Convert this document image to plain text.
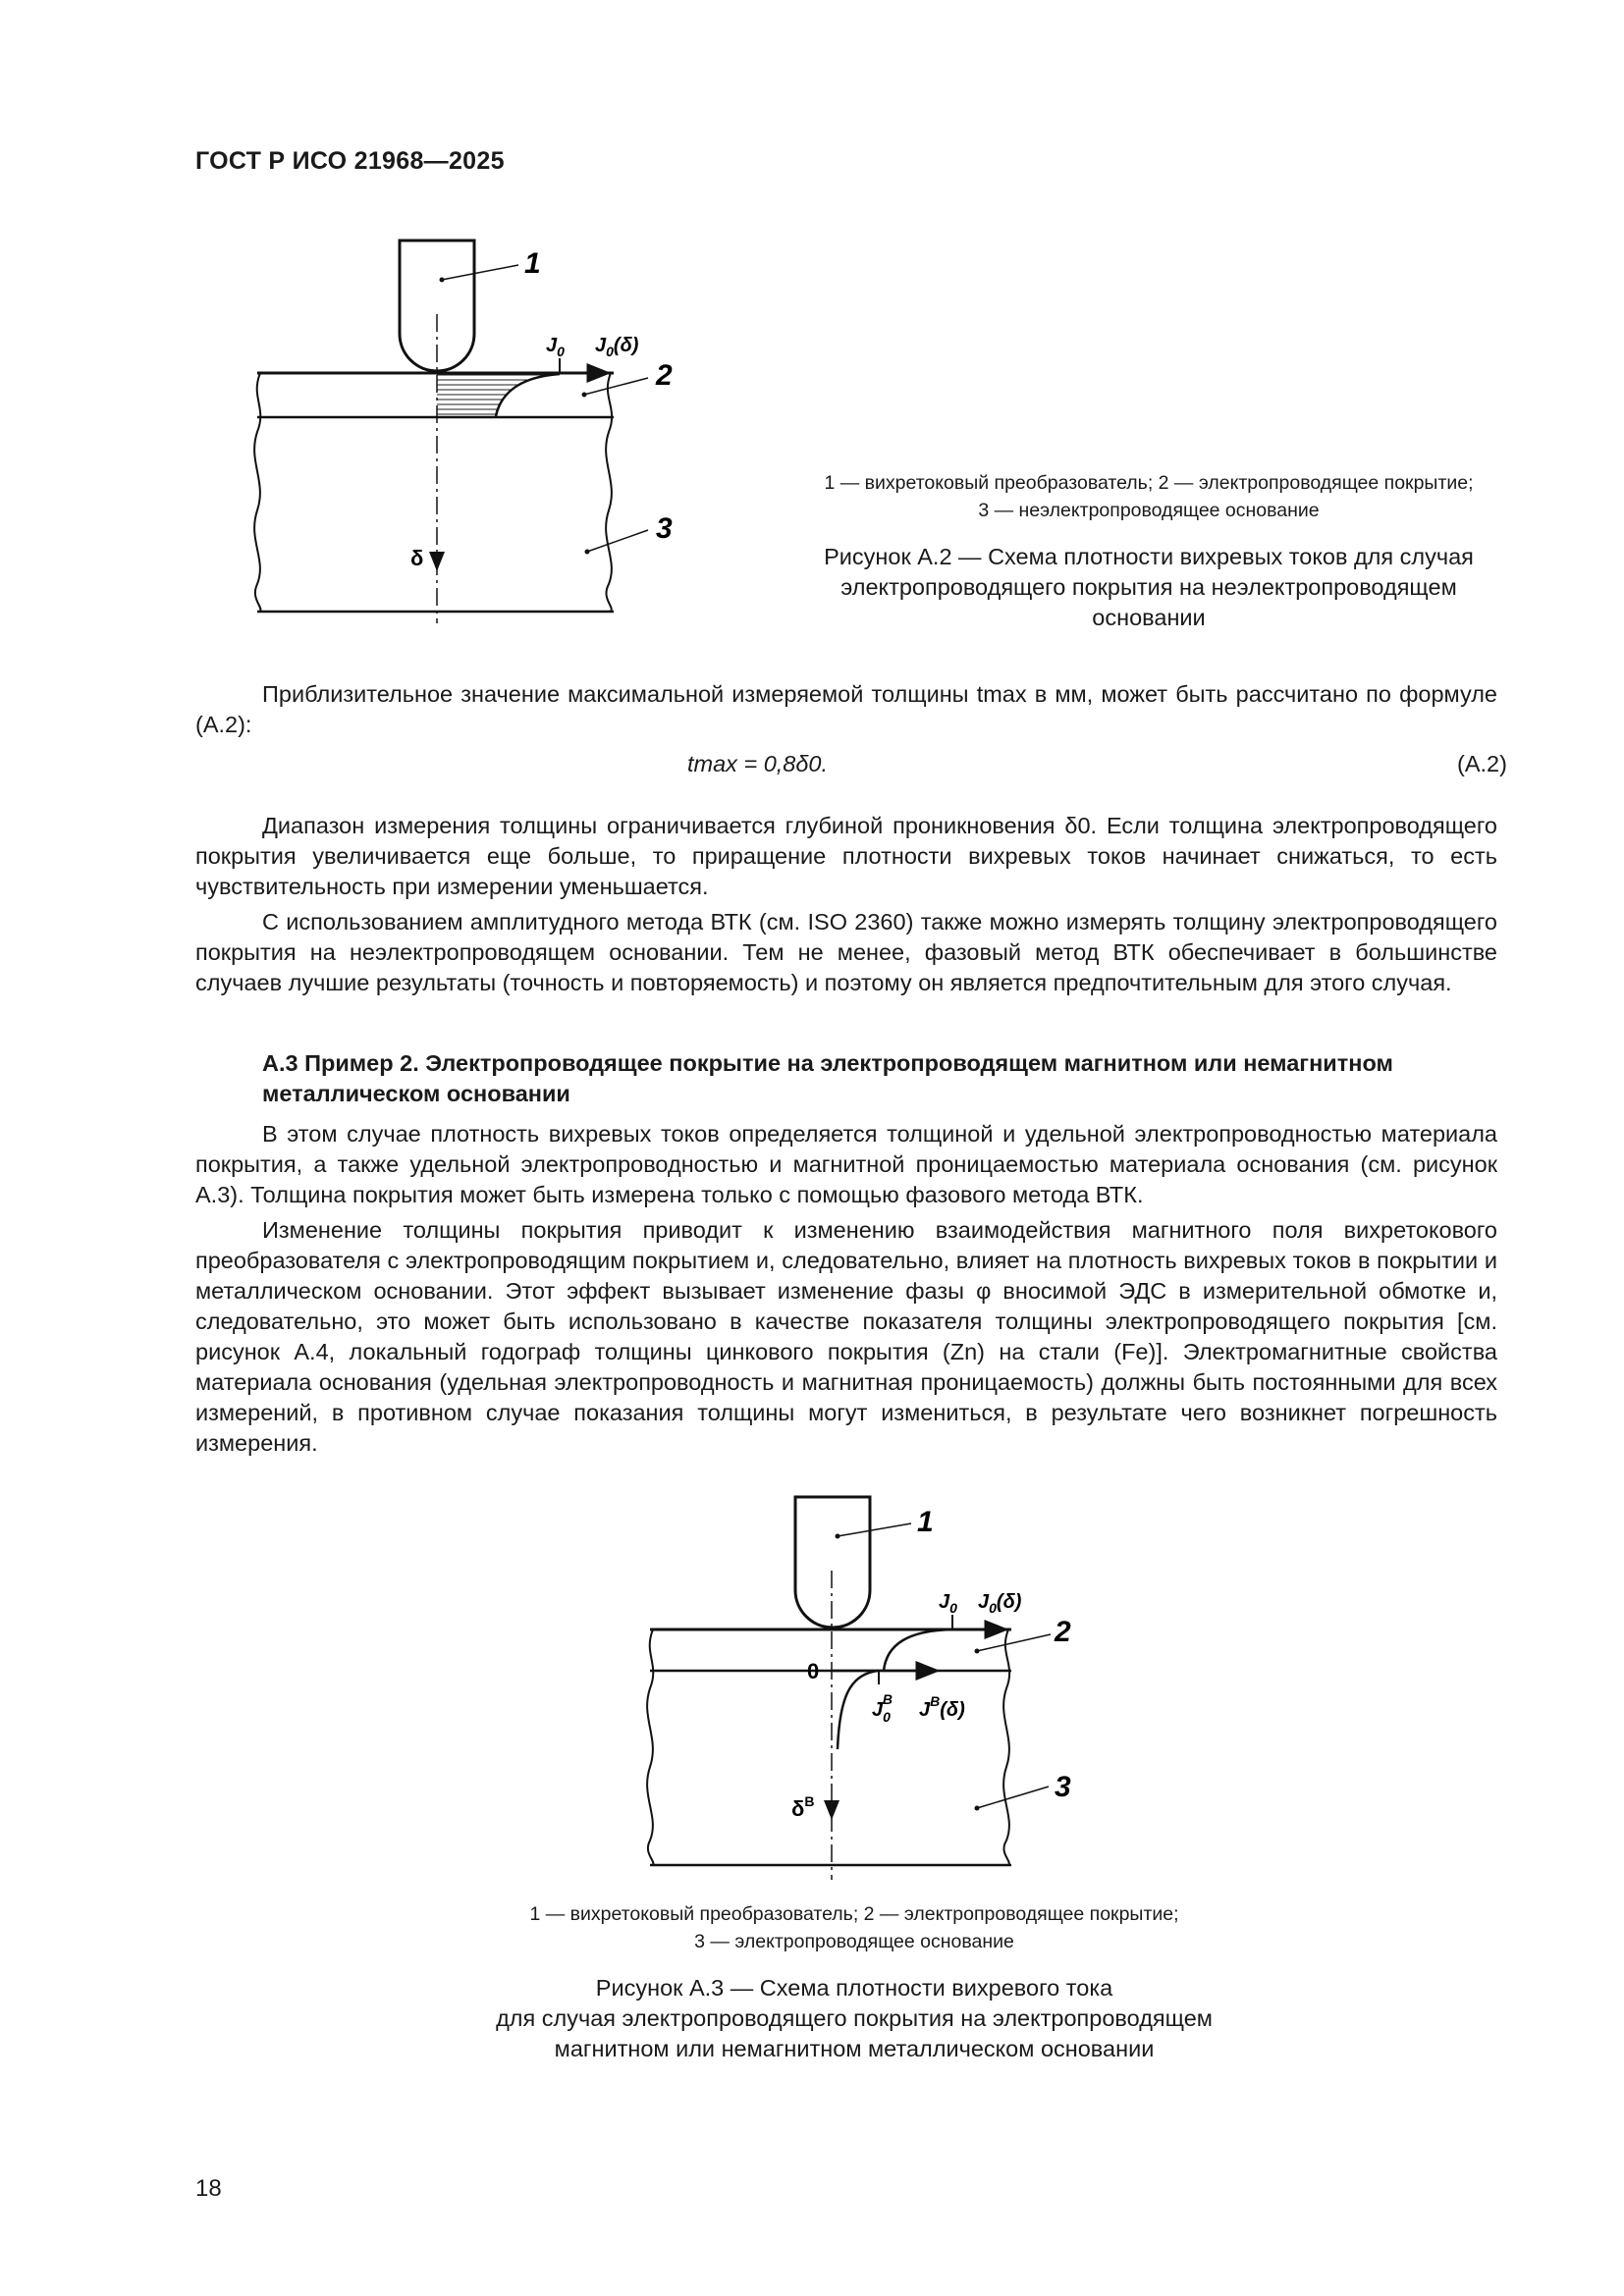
ГОСТ Р ИСО 21968—2025
1
2
3
$J_0$ $J_0(\delta)$
δ
1 — вихретоковый преобразователь; 2 — электропроводящее покрытие;
3 — неэлектропроводящее основание
Рисунок А.2 — Схема плотности вихревых токов для случая
электропроводящего покрытия на неэлектропроводящем
основании

Приблизительное значение максимальной измеряемой толщины tmax в мм, может быть рассчитано по формуле (А.2):

tmax = 0,8δ0.	(А.2)

Диапазон измерения толщины ограничивается глубиной проникновения δ0. Если толщина электропроводящего покрытия увеличивается еще больше, то приращение плотности вихревых токов начинает снижаться, то есть чувствительность при измерении уменьшается.

С использованием амплитудного метода ВТК (см. ISO 2360) также можно измерять толщину электропроводящего покрытия на неэлектропроводящем основании. Тем не менее, фазовый метод ВТК обеспечивает в большинстве случаев лучшие результаты (точность и повторяемость) и поэтому он является предпочтительным для этого случая.

А.3 Пример 2. Электропроводящее покрытие на электропроводящем магнитном или немагнитном металлическом основании

В этом случае плотность вихревых токов определяется толщиной и удельной электропроводностью материала покрытия, а также удельной электропроводностью и магнитной проницаемостью материала основания (см. рисунок А.3). Толщина покрытия может быть измерена только с помощью фазового метода ВТК.

Изменение толщины покрытия приводит к изменению взаимодействия магнитного поля вихретокового преобразователя с электропроводящим покрытием и, следовательно, влияет на плотность вихревых токов в покрытии и металлическом основании. Этот эффект вызывает изменение фазы φ вносимой ЭДС в измерительной обмотке и, следовательно, это может быть использовано в качестве показателя толщины электропроводящего покрытия [см. рисунок А.4, локальный годограф толщины цинкового покрытия (Zn) на стали (Fe)]. Электромагнитные свойства материала основания (удельная электропроводность и магнитная проницаемость) должны быть постоянными для всех измерений, в противном случае показания толщины могут измениться, в результате чего возникнет погрешность измерения.

1
2
3
$J_0$ $J_0(\delta)$
0
$J_0B$ $J^B(\delta)$
$\delta^B$
1 — вихретоковый преобразователь; 2 — электропроводящее покрытие;
3 — электропроводящее основание
Рисунок А.3 — Схема плотности вихревого тока
для случая электропроводящего покрытия на электропроводящем
магнитном или немагнитном металлическом основании
18
